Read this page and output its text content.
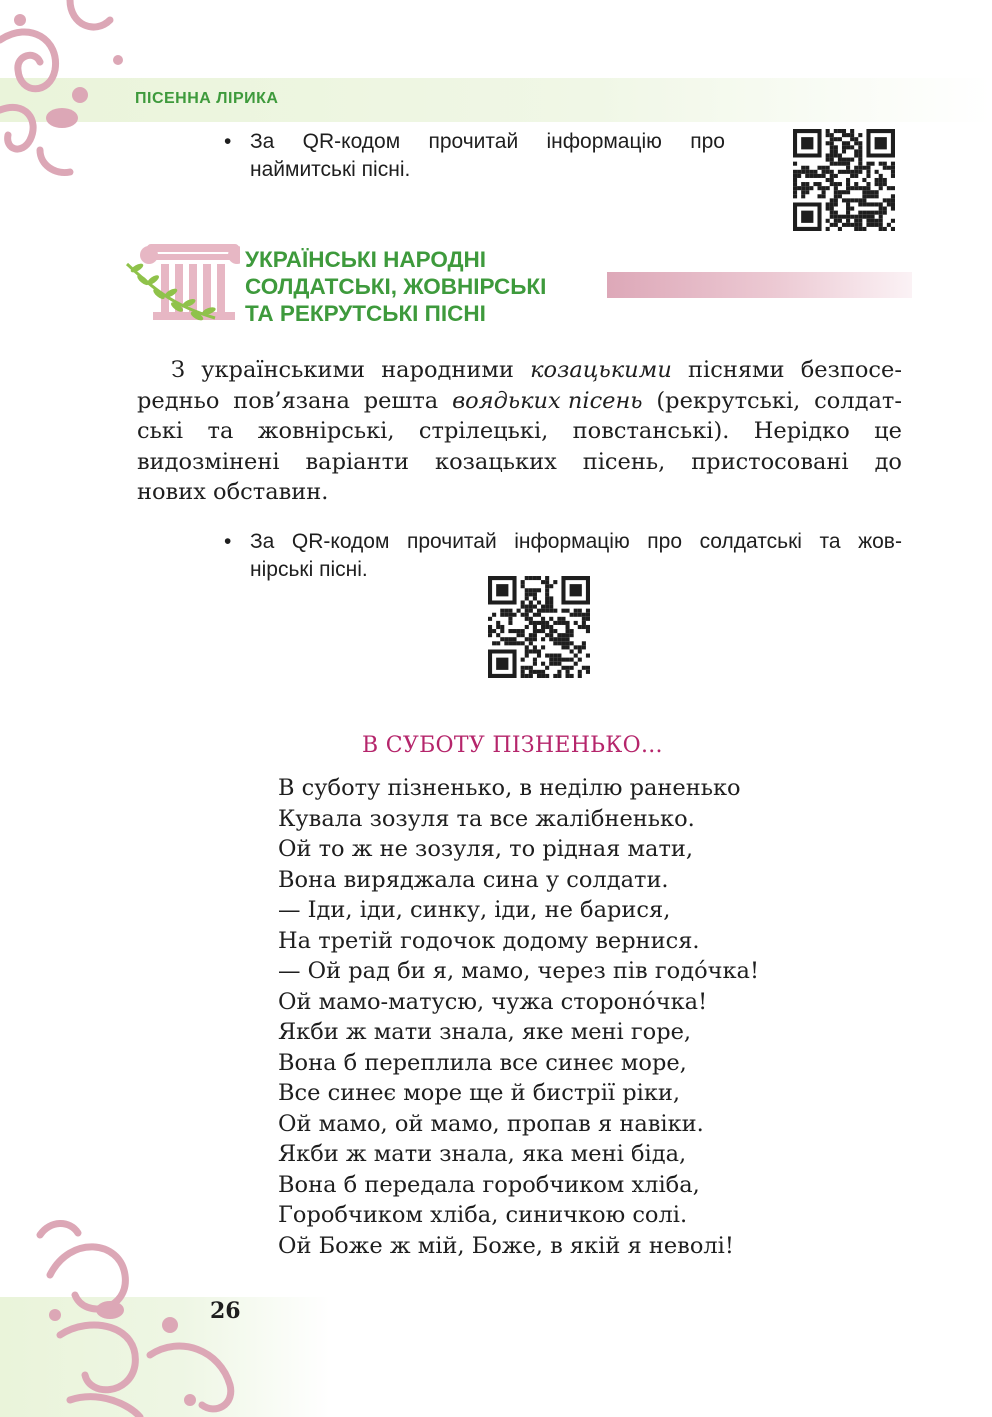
ПІСЕННА ЛІРИКА
• За QR-кодом прочитай інформацію про
наймитські пісні.
УКРАЇНСЬКІ НАРОДНІ
СОЛДАТСЬКІ, ЖОВНІРСЬКІ
ТА РЕКРУТСЬКІ ПІСНІ
З українськими народними козацькими піснями безпосе-
редньо пов’язана решта воядьких пісень (рекрутські, солдат-
ські та жовнірські, стрілецькі, повстанські). Нерідко це
видозмінені варіанти козацьких пісень, пристосовані до
нових обставин.
• За QR-кодом прочитай інформацію про солдатські та жов-
нірські пісні.
В СУБОТУ ПІЗНЕНЬКО...
В суботу пізненько, в неділю раненько
Кувала зозуля та все жалібненько.
Ой то ж не зозуля, то рідная мати,
Вона виряджала сина у солдати.
— Іди, іди, синку, іди, не барися,
На третій годочок додому вернися.
— Ой рад би я, мамо, через пів годо́чка!
Ой мамо-матусю, чужа стороно́чка!
Якби ж мати знала, яке мені горе,
Вона б переплила все синеє море,
Все синеє море ще й бистрії ріки,
Ой мамо, ой мамо, пропав я навіки.
Якби ж мати знала, яка мені біда,
Вона б передала горобчиком хліба,
Горобчиком хліба, синичкою солі.
Ой Боже ж мій, Боже, в якій я неволі!
26
